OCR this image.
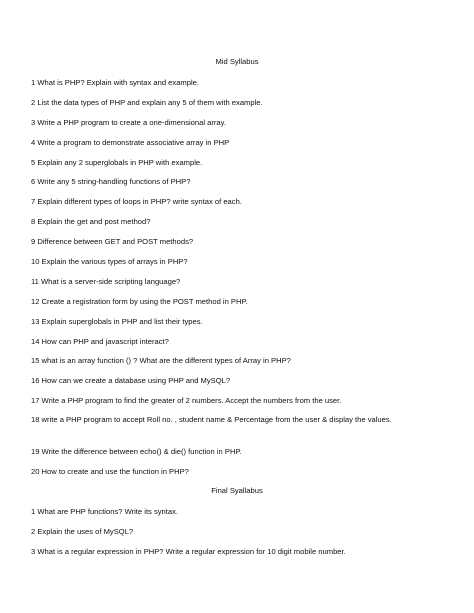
Mid Syllabus
1 What is PHP? Explain with syntax and example.
2 List the data types of PHP and explain any 5 of them with example.
3 Write a PHP program to create a one-dimensional array.
4 Write a program to demonstrate associative array in PHP
5 Explain any 2 superglobals in PHP with example.
6 Write any 5 string-handling functions of PHP?
7 Explain different types of loops in PHP? write syntax of each.
8 Explain the get and post method?
9 Difference between GET and POST methods?
10 Explain the various types of arrays in PHP?
11 What is a server-side scripting language?
12 Create a registration form by using the POST method in PHP.
13 Explain superglobals in PHP and list their types.
14 How can PHP and javascript interact?
15 what is an array function () ? What are the different types of Array in PHP?
16 How can we create a database using PHP and MySQL?
17 Write a PHP program to find the greater of 2 numbers. Accept the numbers from the user.
18 write a PHP program to accept Roll no. , student name & Percentage from the user & display the values.
19 Write the difference between echo() & die() function in PHP.
20 How to create and use the function in PHP?
Final Syallabus
1 What are PHP functions? Write its syntax.
2 Explain the uses of MySQL?
3 What is a regular expression in PHP? Write a regular expression for 10 digit mobile number.
